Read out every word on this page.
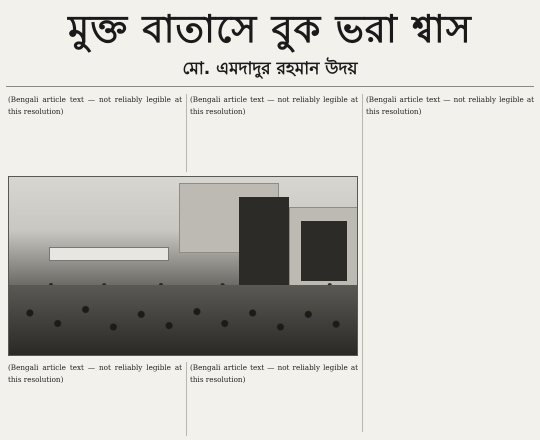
মুক্ত বাতাসে বুক ভরা শ্বাস
মো. এমদাদুর রহমান উদয়

(Bengali article text — not reliably legible at this resolution)

(Bengali article text — not reliably legible at this resolution)

(Bengali article text — not reliably legible at this resolution)

(Bengali article text — not reliably legible at this resolution)

(Bengali article text — not reliably legible at this resolution)
